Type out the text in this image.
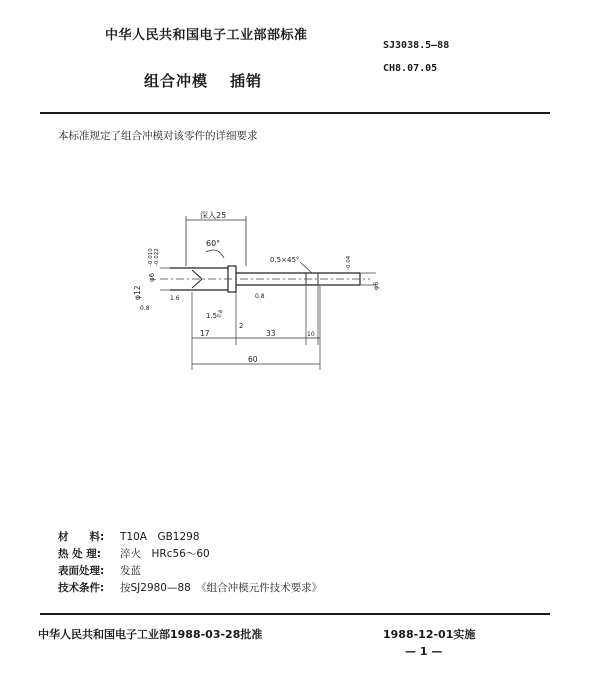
中华人民共和国电子工业部部标准
SJ3038.5—88
CH8.07.05
组合冲模 插销
本标准规定了组合冲模对该零件的详细要求
深入25
60°
0.5×45°
φ12
φ6
-0.010 -0.022
φ6
-0.04
0.8
1.6	0.8
1.5 0.8
2
17	33	10
60
材　　料: T10A　GB1298
热 处 理: 淬火　HRc56～60
表面处理: 发蓝
技术条件: 按SJ2980—88　《组合冲模元件技术要求》
中华人民共和国电子工业部1988-03-28批准	1988-12-01实施
— 1 —
